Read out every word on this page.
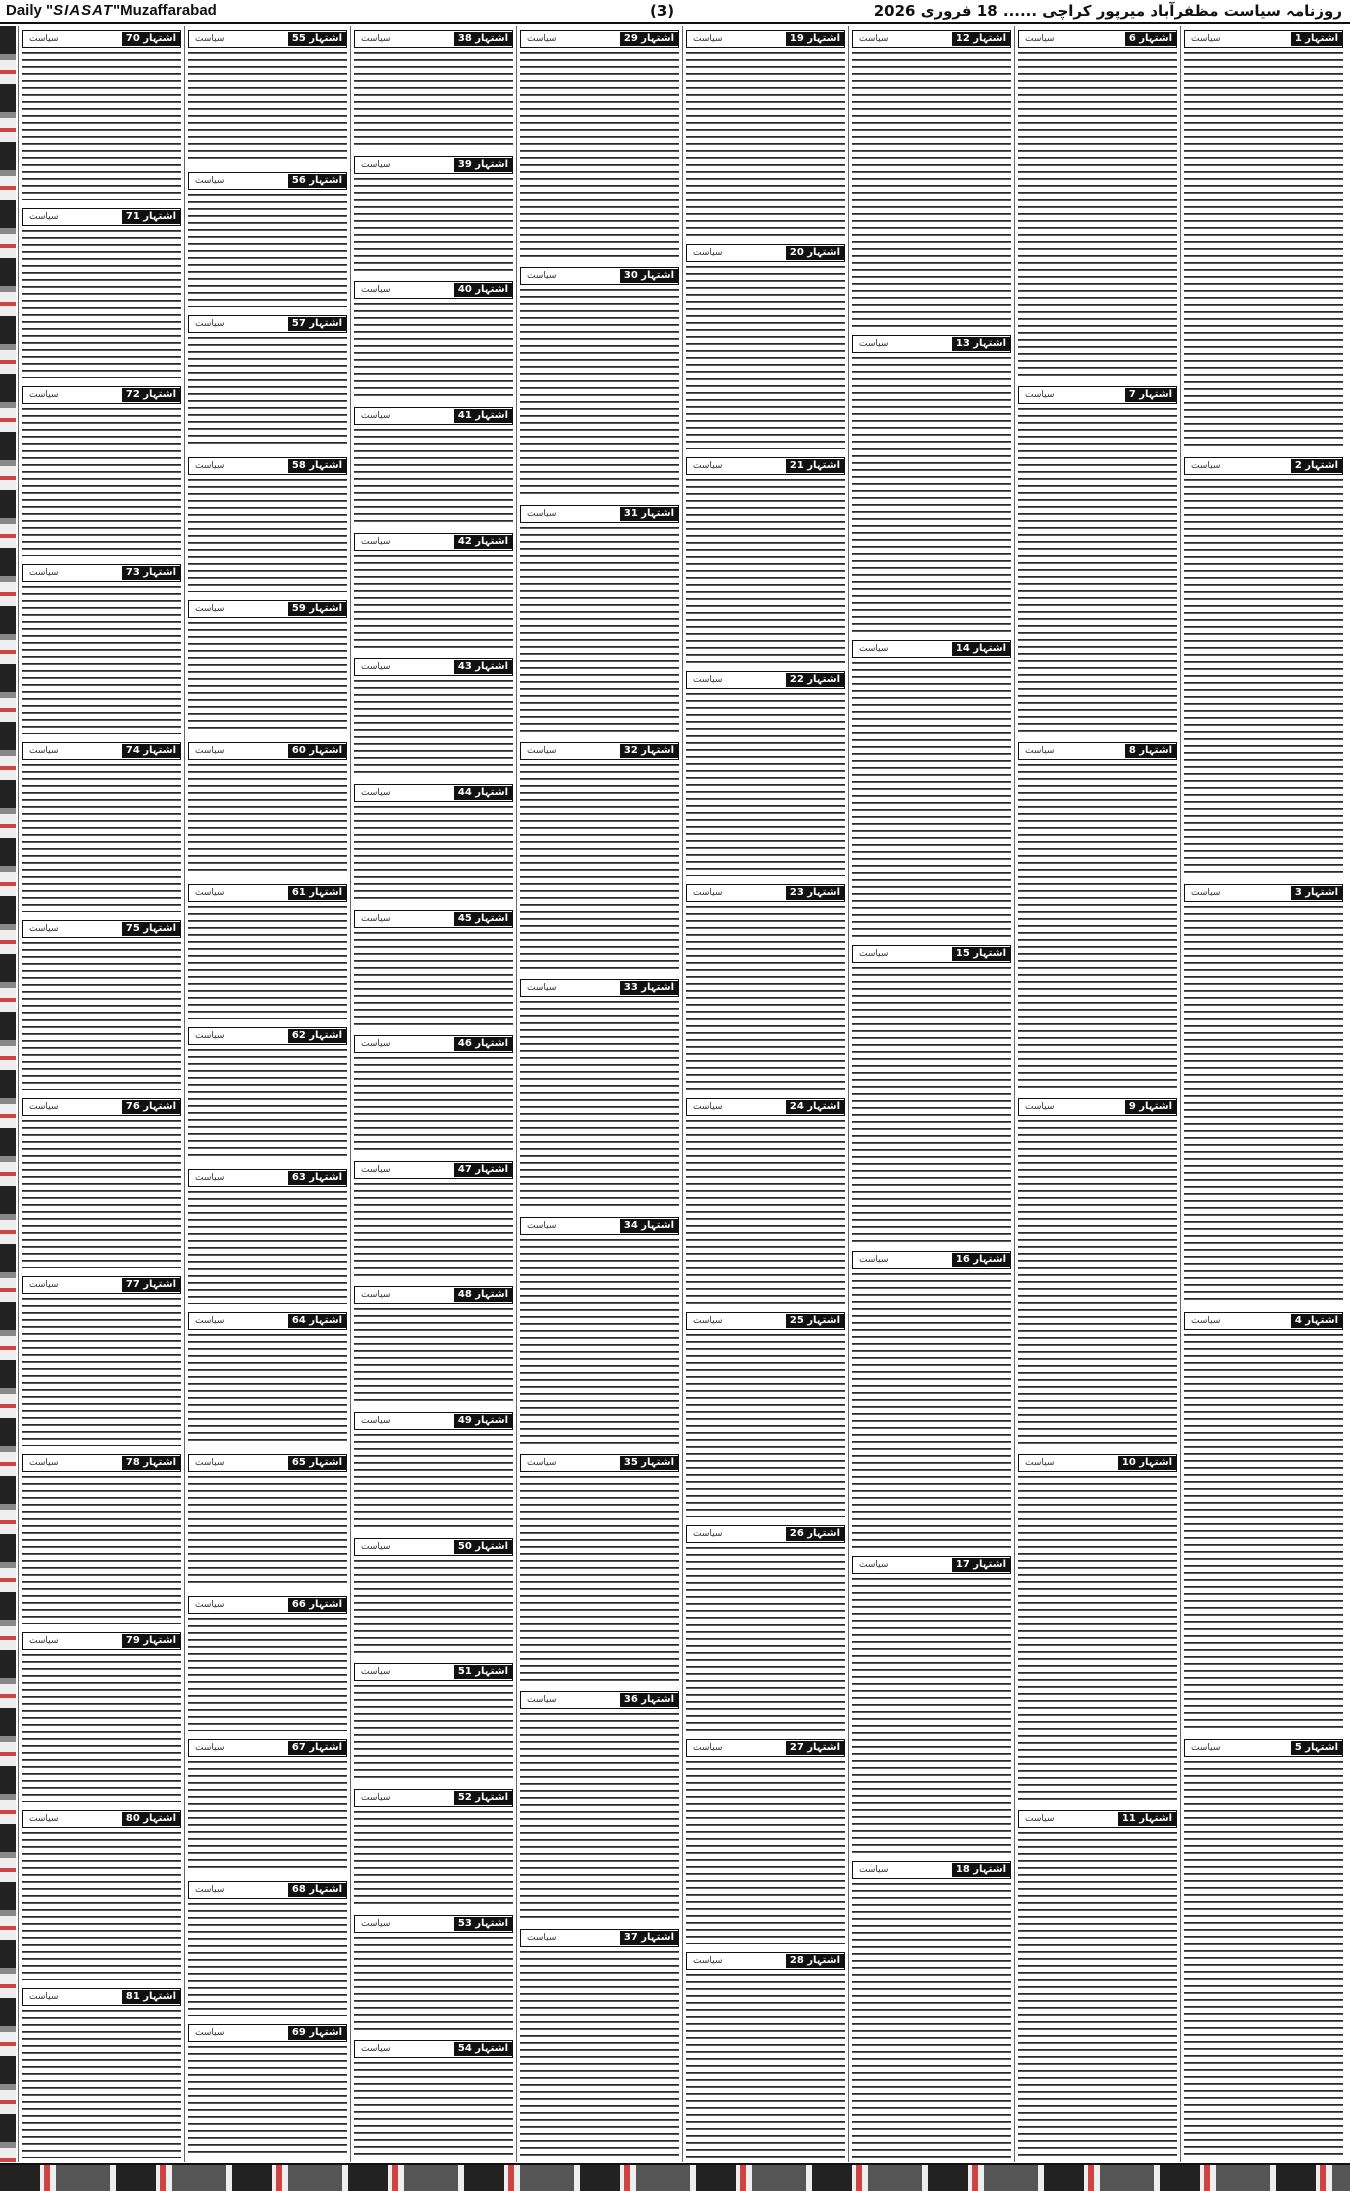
Daily "SIASAT"Muzaffarabad	(3)	روزنامہ سیاست مظفرآباد میرپور کراچی ...... 18 فروری 2026
اشتہار 1
سیاست
اشتہار 2
سیاست
اشتہار 3
سیاست
اشتہار 4
سیاست
اشتہار 5
سیاست
اشتہار 6
سیاست
اشتہار 7
سیاست
اشتہار 8
سیاست
اشتہار 9
سیاست
اشتہار 10
سیاست
اشتہار 11
سیاست
اشتہار 12
سیاست
اشتہار 13
سیاست
اشتہار 14
سیاست
اشتہار 15
سیاست
اشتہار 16
سیاست
اشتہار 17
سیاست
اشتہار 18
سیاست
اشتہار 19
سیاست
اشتہار 20
سیاست
اشتہار 21
سیاست
اشتہار 22
سیاست
اشتہار 23
سیاست
اشتہار 24
سیاست
اشتہار 25
سیاست
اشتہار 26
سیاست
اشتہار 27
سیاست
اشتہار 28
سیاست
اشتہار 29
سیاست
اشتہار 30
سیاست
اشتہار 31
سیاست
اشتہار 32
سیاست
اشتہار 33
سیاست
اشتہار 34
سیاست
اشتہار 35
سیاست
اشتہار 36
سیاست
اشتہار 37
سیاست
اشتہار 38
سیاست
اشتہار 39
سیاست
اشتہار 40
سیاست
اشتہار 41
سیاست
اشتہار 42
سیاست
اشتہار 43
سیاست
اشتہار 44
سیاست
اشتہار 45
سیاست
اشتہار 46
سیاست
اشتہار 47
سیاست
اشتہار 48
سیاست
اشتہار 49
سیاست
اشتہار 50
سیاست
اشتہار 51
سیاست
اشتہار 52
سیاست
اشتہار 53
سیاست
اشتہار 54
سیاست
اشتہار 55
سیاست
اشتہار 56
سیاست
اشتہار 57
سیاست
اشتہار 58
سیاست
اشتہار 59
سیاست
اشتہار 60
سیاست
اشتہار 61
سیاست
اشتہار 62
سیاست
اشتہار 63
سیاست
اشتہار 64
سیاست
اشتہار 65
سیاست
اشتہار 66
سیاست
اشتہار 67
سیاست
اشتہار 68
سیاست
اشتہار 69
سیاست
اشتہار 70
سیاست
اشتہار 71
سیاست
اشتہار 72
سیاست
اشتہار 73
سیاست
اشتہار 74
سیاست
اشتہار 75
سیاست
اشتہار 76
سیاست
اشتہار 77
سیاست
اشتہار 78
سیاست
اشتہار 79
سیاست
اشتہار 80
سیاست
اشتہار 81
سیاست
